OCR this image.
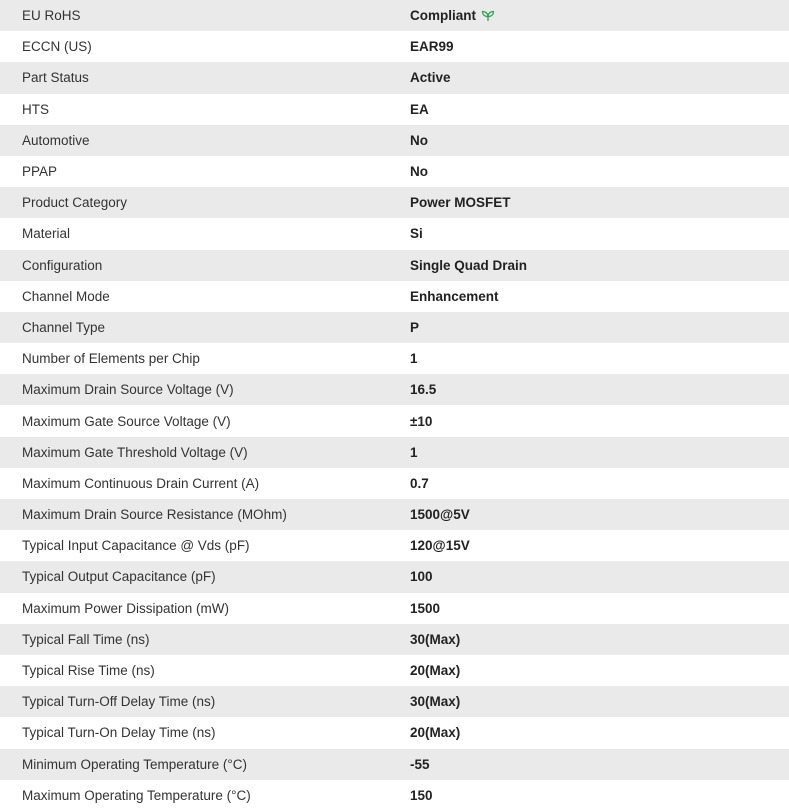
EU RoHS	Compliant
ECCN (US)	EAR99
Part Status	Active
HTS	EA
Automotive	No
PPAP	No
Product Category	Power MOSFET
Material	Si
Configuration	Single Quad Drain
Channel Mode	Enhancement
Channel Type	P
Number of Elements per Chip	1
Maximum Drain Source Voltage (V)	16.5
Maximum Gate Source Voltage (V)	±10
Maximum Gate Threshold Voltage (V)	1
Maximum Continuous Drain Current (A)	0.7
Maximum Drain Source Resistance (MOhm)	1500@5V
Typical Input Capacitance @ Vds (pF)	120@15V
Typical Output Capacitance (pF)	100
Maximum Power Dissipation (mW)	1500
Typical Fall Time (ns)	30(Max)
Typical Rise Time (ns)	20(Max)
Typical Turn-Off Delay Time (ns)	30(Max)
Typical Turn-On Delay Time (ns)	20(Max)
Minimum Operating Temperature (°C)	-55
Maximum Operating Temperature (°C)	150
